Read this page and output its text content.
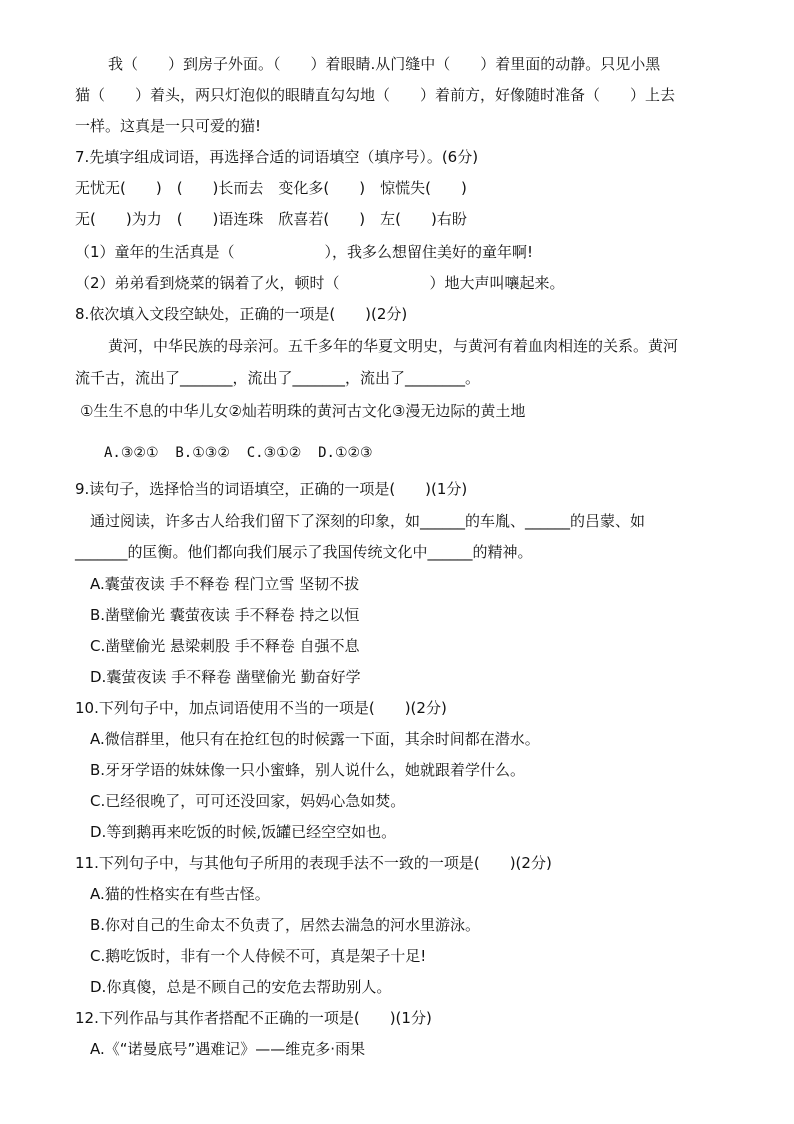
我（　　）到房子外面。（　　）着眼睛.从门缝中（　　）着里面的动静。只见小黑
猫（　　）着头，两只灯泡似的眼睛直勾勾地（　　）着前方，好像随时准备（　　）上去
一样。这真是一只可爱的猫!
7.先填字组成词语，再选择合适的词语填空（填序号）。(6分)
无忧无(　　)　(　　)长而去　变化多(　　)　惊慌失(　　)
无(　　)为力　(　　)语连珠　欣喜若(　　)　左(　　)右盼
（1）童年的生活真是（　　　　　　），我多么想留住美好的童年啊!
（2）弟弟看到烧菜的锅着了火，顿时（　　　　　　）地大声叫嚷起来。
8.依次填入文段空缺处，正确的一项是(　　)(2分)
黄河，中华民族的母亲河。五千多年的华夏文明史，与黄河有着血肉相连的关系。黄河
流千古，流出了_______，流出了_______，流出了________。
①生生不息的中华儿女②灿若明珠的黄河古文化③漫无边际的黄土地
A.③②①  B.①③②  C.③①②  D.①②③
9.读句子，选择恰当的词语填空，正确的一项是(　　)(1分)
通过阅读，许多古人给我们留下了深刻的印象，如______的车胤、______的吕蒙、如
_______的匡衡。他们都向我们展示了我国传统文化中______的精神。
A.囊萤夜读 手不释卷 程门立雪 坚韧不拔
B.凿壁偷光 囊萤夜读 手不释卷 持之以恒
C.凿壁偷光 悬梁刺股 手不释卷 自强不息
D.囊萤夜读 手不释卷 凿壁偷光 勤奋好学
10.下列句子中，加点词语使用不当的一项是(　　)(2分)
A.微信群里，他只有在抢红包的时候露一下面，其余时间都在潜水。
B.牙牙学语的妹妹像一只小蜜蜂，别人说什么，她就跟着学什么。
C.已经很晚了，可可还没回家，妈妈心急如焚。
D.等到鹅再来吃饭的时候,饭罐已经空空如也。
11.下列句子中，与其他句子所用的表现手法不一致的一项是(　　)(2分)
A.猫的性格实在有些古怪。
B.你对自己的生命太不负责了，居然去湍急的河水里游泳。
C.鹅吃饭时，非有一个人侍候不可，真是架子十足!
D.你真傻，总是不顾自己的安危去帮助别人。
12.下列作品与其作者搭配不正确的一项是(　　)(1分)
A.《“诺曼底号”遇难记》——维克多·雨果
